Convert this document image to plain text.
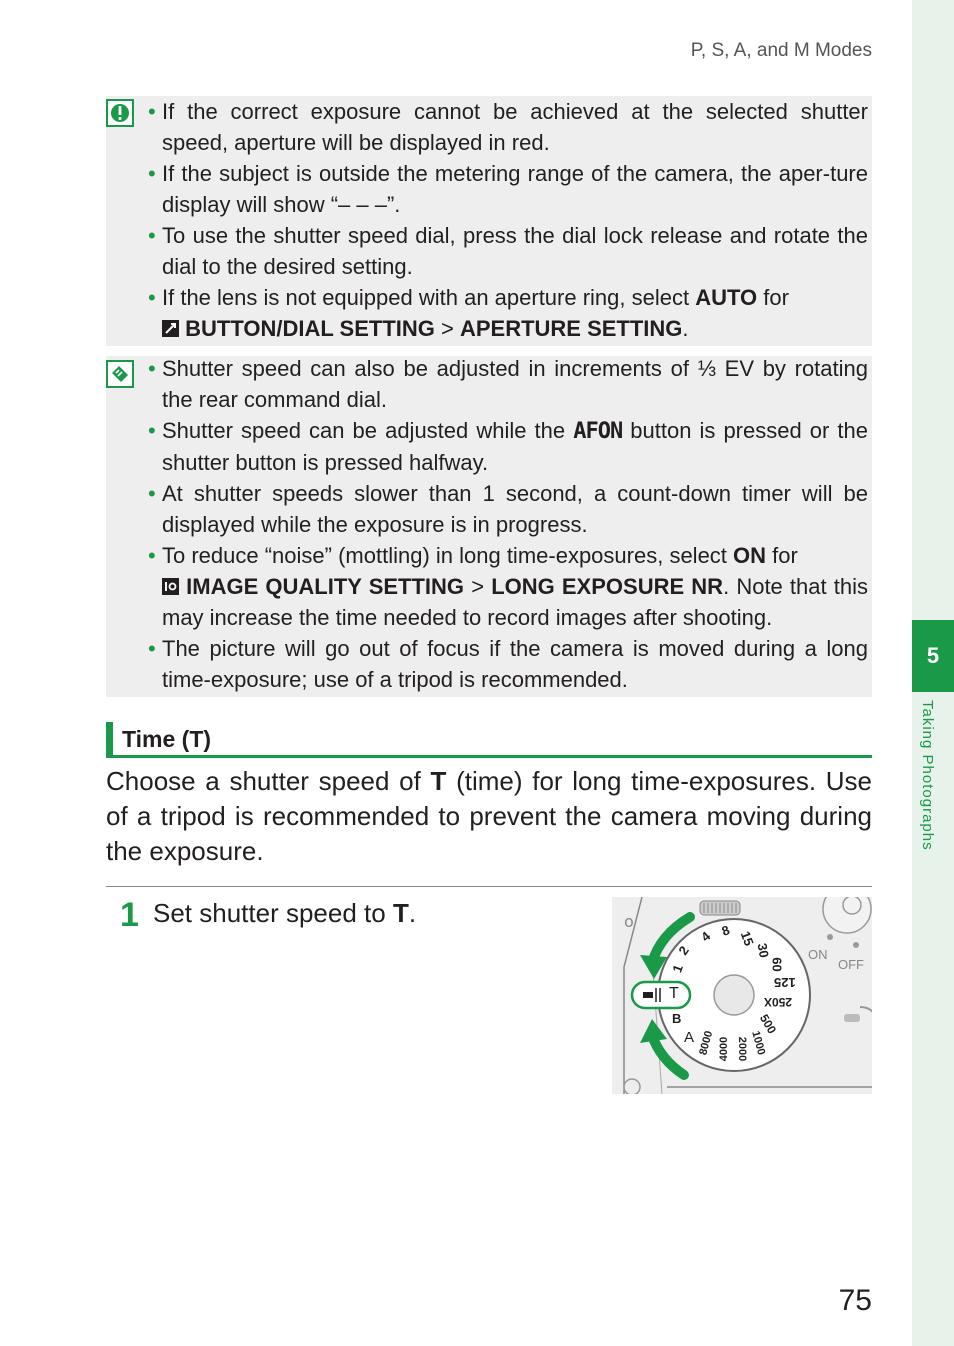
P, S, A, and M Modes
5
Taking Photographs
• If the correct exposure cannot be achieved at the selected shutter speed, aperture will be displayed in red.
• If the subject is outside the metering range of the camera, the aper-ture display will show “– – –”.
• To use the shutter speed dial, press the dial lock release and rotate the dial to the desired setting.
• If the lens is not equipped with an aperture ring, select AUTO for
BUTTON/DIAL SETTING > APERTURE SETTING.
• Shutter speed can also be adjusted in increments of ⅓ EV by rotating the rear command dial.
• Shutter speed can be adjusted while the AFON button is pressed or the shutter button is pressed halfway.
• At shutter speeds slower than 1 second, a count-down timer will be displayed while the exposure is in progress.
• To reduce “noise” (mottling) in long time-exposures, select ON for
IMAGE QUALITY SETTING > LONG EXPOSURE NR. Note that this may increase the time needed to record images after shooting.
• The picture will go out of focus if the camera is moved during a long time-exposure; use of a tripod is recommended.
Time (T)
Choose a shutter speed of T (time) for long time-exposures. Use of a tripod is recommended to prevent the camera moving during the exposure.
1 Set shutter speed to T.	o
T
B
A
1
2
4 8 15
30
60
125
250X
500
1000
2000
4000
8000
ON
OFF
75
